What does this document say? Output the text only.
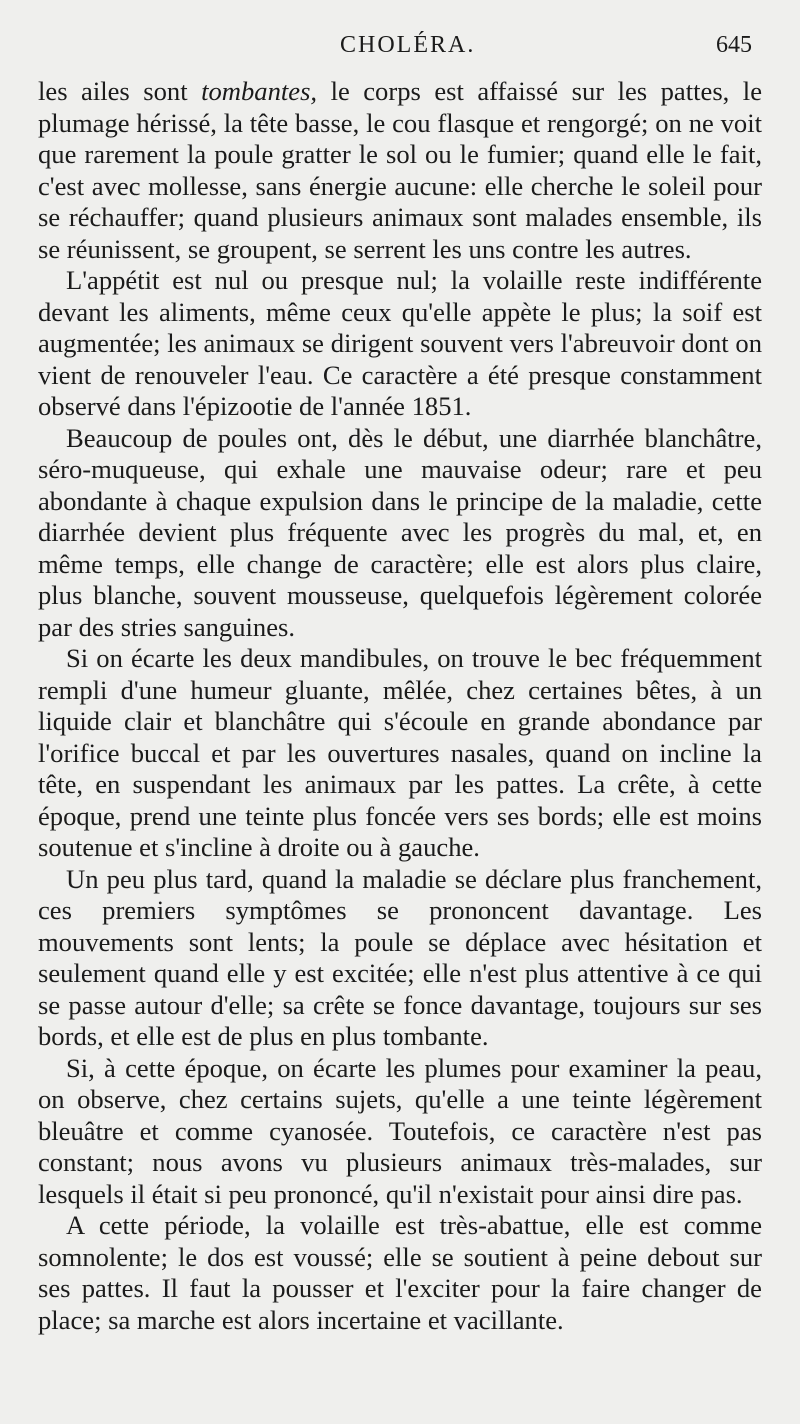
CHOLÉRA.	645

les ailes sont tombantes, le corps est affaissé sur les pattes, le plumage hérissé, la tête basse, le cou flasque et rengorgé; on ne voit que rarement la poule gratter le sol ou le fumier; quand elle le fait, c'est avec mollesse, sans énergie aucune: elle cherche le soleil pour se réchauffer; quand plusieurs animaux sont malades ensemble, ils se réunissent, se groupent, se serrent les uns contre les autres.

L'appétit est nul ou presque nul; la volaille reste indifférente devant les aliments, même ceux qu'elle appète le plus; la soif est augmentée; les animaux se dirigent souvent vers l'abreuvoir dont on vient de renouveler l'eau. Ce caractère a été presque constamment observé dans l'épizootie de l'année 1851.

Beaucoup de poules ont, dès le début, une diarrhée blanchâtre, séro-muqueuse, qui exhale une mauvaise odeur; rare et peu abondante à chaque expulsion dans le principe de la maladie, cette diarrhée devient plus fréquente avec les progrès du mal, et, en même temps, elle change de caractère; elle est alors plus claire, plus blanche, souvent mousseuse, quelquefois légèrement colorée par des stries sanguines.

Si on écarte les deux mandibules, on trouve le bec fréquemment rempli d'une humeur gluante, mêlée, chez certaines bêtes, à un liquide clair et blanchâtre qui s'écoule en grande abondance par l'orifice buccal et par les ouvertures nasales, quand on incline la tête, en suspendant les animaux par les pattes. La crête, à cette époque, prend une teinte plus foncée vers ses bords; elle est moins soutenue et s'incline à droite ou à gauche.

Un peu plus tard, quand la maladie se déclare plus franchement, ces premiers symptômes se prononcent davantage. Les mouvements sont lents; la poule se déplace avec hésitation et seulement quand elle y est excitée; elle n'est plus attentive à ce qui se passe autour d'elle; sa crête se fonce davantage, toujours sur ses bords, et elle est de plus en plus tombante.

Si, à cette époque, on écarte les plumes pour examiner la peau, on observe, chez certains sujets, qu'elle a une teinte légèrement bleuâtre et comme cyanosée. Toutefois, ce caractère n'est pas constant; nous avons vu plusieurs animaux très-malades, sur lesquels il était si peu prononcé, qu'il n'existait pour ainsi dire pas.

A cette période, la volaille est très-abattue, elle est comme somnolente; le dos est voussé; elle se soutient à peine debout sur ses pattes. Il faut la pousser et l'exciter pour la faire changer de place; sa marche est alors incertaine et vacillante.
